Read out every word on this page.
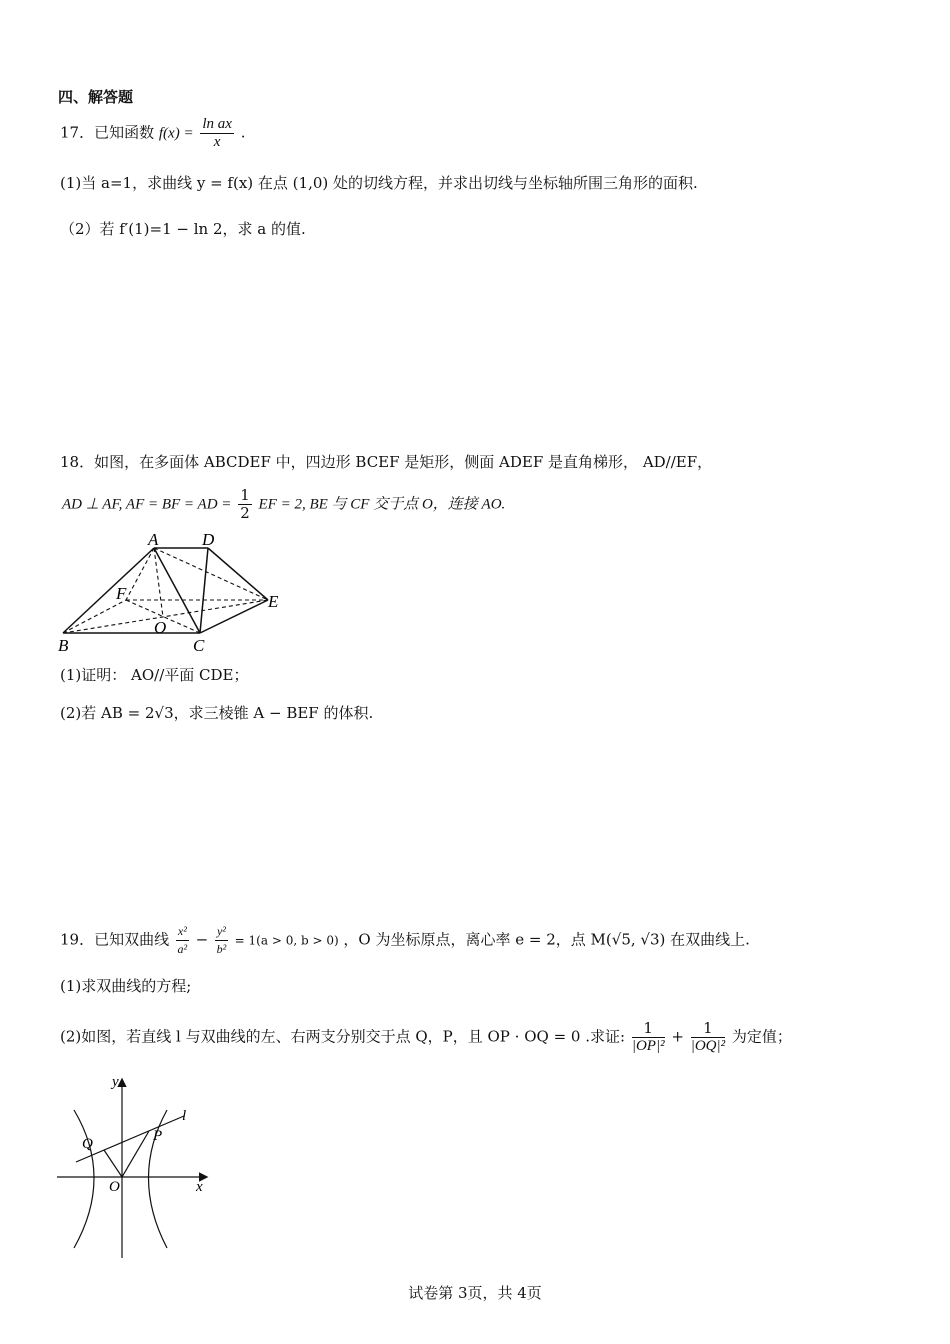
四、解答题
17．已知函数 $f(x) = \frac{\text{ln ax}}{x}$ .
(1)当 a=1，求曲线 y = f(x) 在点 (1,0) 处的切线方程，并求出切线与坐标轴所围三角形的面积.
（2）若 f′(1)=1 − ln 2，求 a 的值.
18．如图，在多面体 ABCDEF 中，四边形 BCEF 是矩形，侧面 ADEF 是直角梯形， AD//EF，
AD ⊥ AF, AF = BF = AD = $\frac{1}{2}$ EF = 2, BE 与 CF 交于点 O，连接 AO.
A	D
F	E
O
B	C
(1)证明： AO//平面 CDE；
(2)若 AB = 2√3，求三棱锥 A − BEF 的体积.
19．已知双曲线 $\frac{\text{x²}}{\text{a²}} - \frac{\text{y²}}{\text{b²}} = 1(a > 0$, b > 0) ，O 为坐标原点，离心率 e = 2，点 M(√5, √3) 在双曲线上.
(1)求双曲线的方程;
(2)如图，若直线 l 与双曲线的左、右两支分别交于点 Q，P，且 OP · OQ = 0 .求证: $\frac{1}{\text{|OP|²}} + \frac{1}{\text{|OQ|²}}$ 为定值；
y
l
Q	P
O	x
试卷第 3页，共 4页
